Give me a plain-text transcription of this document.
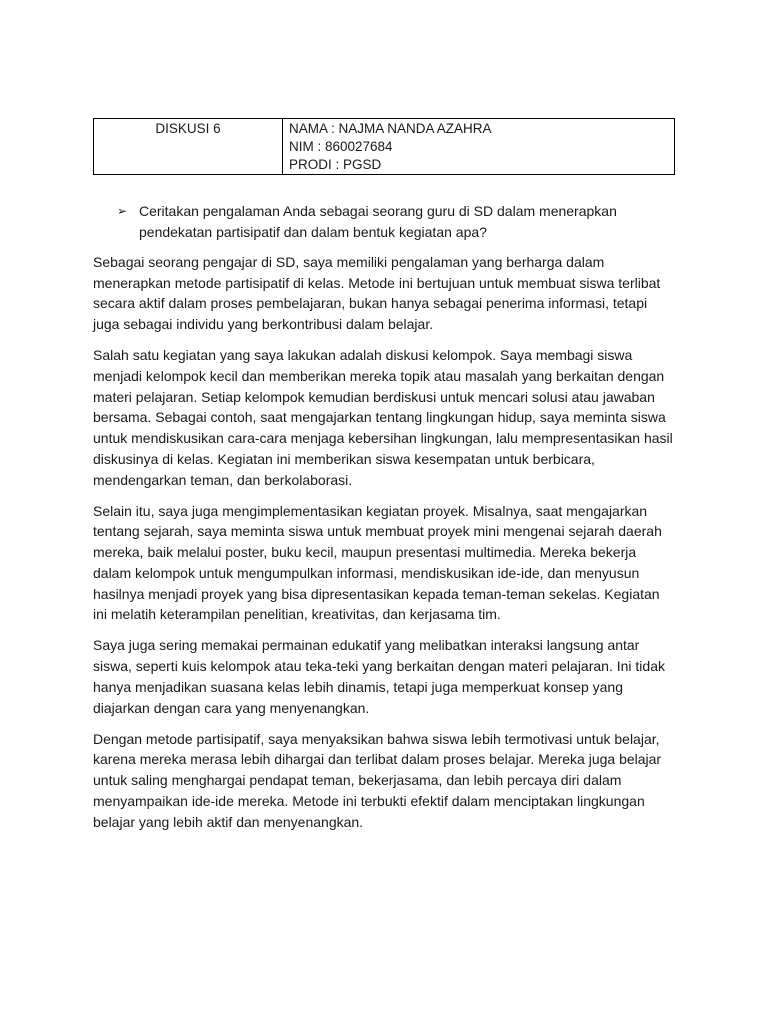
DISKUSI 6	NAMA : NAJMA NANDA AZAHRA
NIM : 860027684
PRODI : PGSD
➢ Ceritakan pengalaman Anda sebagai seorang guru di SD dalam menerapkan pendekatan partisipatif dan dalam bentuk kegiatan apa?

Sebagai seorang pengajar di SD, saya memiliki pengalaman yang berharga dalam menerapkan metode partisipatif di kelas. Metode ini bertujuan untuk membuat siswa terlibat secara aktif dalam proses pembelajaran, bukan hanya sebagai penerima informasi, tetapi juga sebagai individu yang berkontribusi dalam belajar.

Salah satu kegiatan yang saya lakukan adalah diskusi kelompok. Saya membagi siswa menjadi kelompok kecil dan memberikan mereka topik atau masalah yang berkaitan dengan materi pelajaran. Setiap kelompok kemudian berdiskusi untuk mencari solusi atau jawaban bersama. Sebagai contoh, saat mengajarkan tentang lingkungan hidup, saya meminta siswa untuk mendiskusikan cara-cara menjaga kebersihan lingkungan, lalu mempresentasikan hasil diskusinya di kelas. Kegiatan ini memberikan siswa kesempatan untuk berbicara, mendengarkan teman, dan berkolaborasi.

Selain itu, saya juga mengimplementasikan kegiatan proyek. Misalnya, saat mengajarkan tentang sejarah, saya meminta siswa untuk membuat proyek mini mengenai sejarah daerah mereka, baik melalui poster, buku kecil, maupun presentasi multimedia. Mereka bekerja dalam kelompok untuk mengumpulkan informasi, mendiskusikan ide-ide, dan menyusun hasilnya menjadi proyek yang bisa dipresentasikan kepada teman-teman sekelas. Kegiatan ini melatih keterampilan penelitian, kreativitas, dan kerjasama tim.

Saya juga sering memakai permainan edukatif yang melibatkan interaksi langsung antar siswa, seperti kuis kelompok atau teka-teki yang berkaitan dengan materi pelajaran. Ini tidak hanya menjadikan suasana kelas lebih dinamis, tetapi juga memperkuat konsep yang diajarkan dengan cara yang menyenangkan.

Dengan metode partisipatif, saya menyaksikan bahwa siswa lebih termotivasi untuk belajar, karena mereka merasa lebih dihargai dan terlibat dalam proses belajar. Mereka juga belajar untuk saling menghargai pendapat teman, bekerjasama, dan lebih percaya diri dalam menyampaikan ide-ide mereka. Metode ini terbukti efektif dalam menciptakan lingkungan belajar yang lebih aktif dan menyenangkan.
